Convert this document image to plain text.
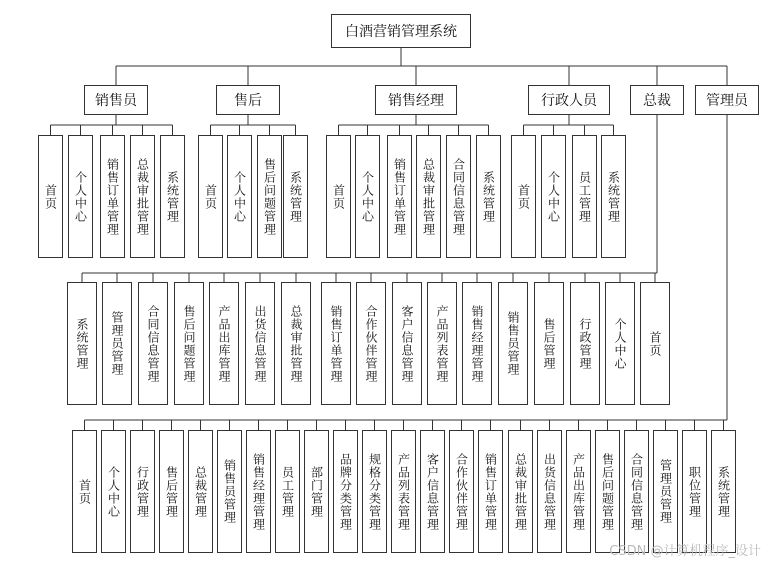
白酒营销管理系统
销售员
首页	个人中心	销售订单管理	总裁审批管理	系统管理
售后
首页	个人中心	售后问题管理	系统管理
销售经理
首页	个人中心	销售订单管理	总裁审批管理	合同信息管理	系统管理
行政人员
首页	个人中心	员工管理	系统管理
总裁
系统管理	管理员管理	合同信息管理	售后问题管理	产品出库管理	出货信息管理	总裁审批管理	销售订单管理	合作伙伴管理	客户信息管理	产品列表管理	销售经理管理	销售员管理	售后管理	行政管理	个人中心	首页
管理员
首页	个人中心	行政管理	售后管理	总裁管理	销售员管理	销售经理管理	员工管理	部门管理	品牌分类管理	规格分类管理	产品列表管理	客户信息管理	合作伙伴管理	销售订单管理	总裁审批管理	出货信息管理	产品出库管理	售后问题管理	合同信息管理	管理员管理	职位管理	系统管理
CSDN @计算机程序_设计
